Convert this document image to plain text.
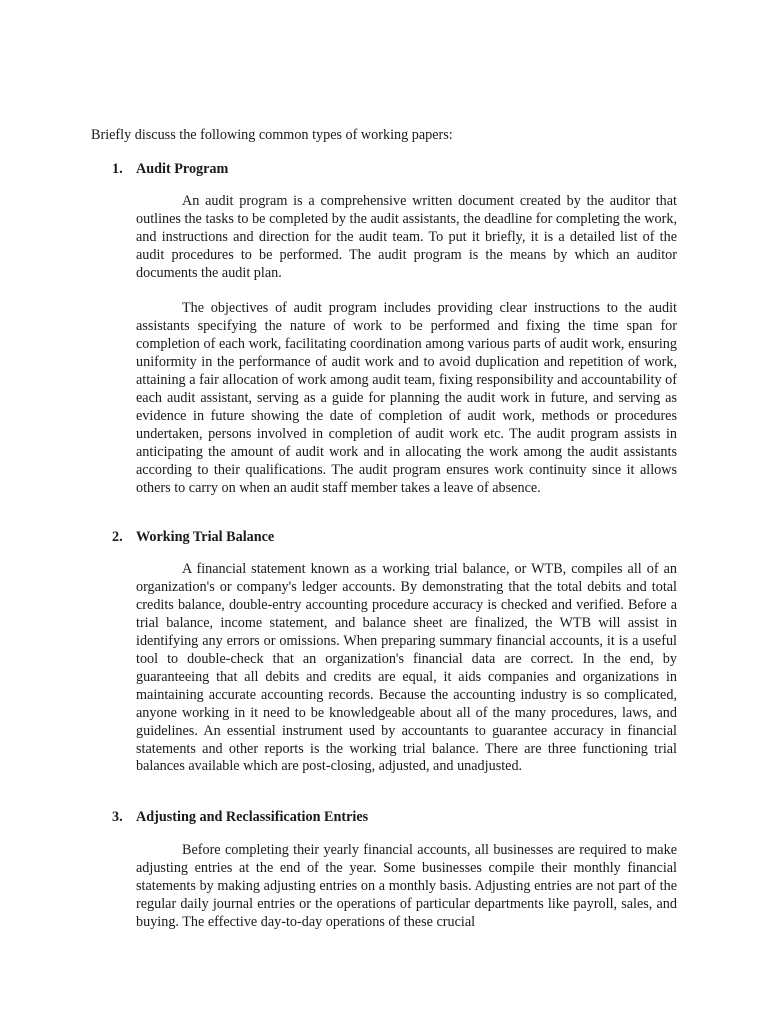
Briefly discuss the following common types of working papers:

1. Audit Program

An audit program is a comprehensive written document created by the auditor that outlines the tasks to be completed by the audit assistants, the deadline for completing the work, and instructions and direction for the audit team. To put it briefly, it is a detailed list of the audit procedures to be performed. The audit program is the means by which an auditor documents the audit plan.

The objectives of audit program includes providing clear instructions to the audit assistants specifying the nature of work to be performed and fixing the time span for completion of each work, facilitating coordination among various parts of audit work, ensuring uniformity in the performance of audit work and to avoid duplication and repetition of work, attaining a fair allocation of work among audit team, fixing responsibility and accountability of each audit assistant, serving as a guide for planning the audit work in future, and serving as evidence in future showing the date of completion of audit work, methods or procedures undertaken, persons involved in completion of audit work etc. The audit program assists in anticipating the amount of audit work and in allocating the work among the audit assistants according to their qualifications. The audit program ensures work continuity since it allows others to carry on when an audit staff member takes a leave of absence.

2. Working Trial Balance

A financial statement known as a working trial balance, or WTB, compiles all of an organization's or company's ledger accounts. By demonstrating that the total debits and total credits balance, double-entry accounting procedure accuracy is checked and verified. Before a trial balance, income statement, and balance sheet are finalized, the WTB will assist in identifying any errors or omissions. When preparing summary financial accounts, it is a useful tool to double-check that an organization's financial data are correct. In the end, by guaranteeing that all debits and credits are equal, it aids companies and organizations in maintaining accurate accounting records. Because the accounting industry is so complicated, anyone working in it need to be knowledgeable about all of the many procedures, laws, and guidelines. An essential instrument used by accountants to guarantee accuracy in financial statements and other reports is the working trial balance. There are three functioning trial balances available which are post-closing, adjusted, and unadjusted.

3. Adjusting and Reclassification Entries

Before completing their yearly financial accounts, all businesses are required to make adjusting entries at the end of the year. Some businesses compile their monthly financial statements by making adjusting entries on a monthly basis. Adjusting entries are not part of the regular daily journal entries or the operations of particular departments like payroll, sales, and buying. The effective day-to-day operations of these crucial
